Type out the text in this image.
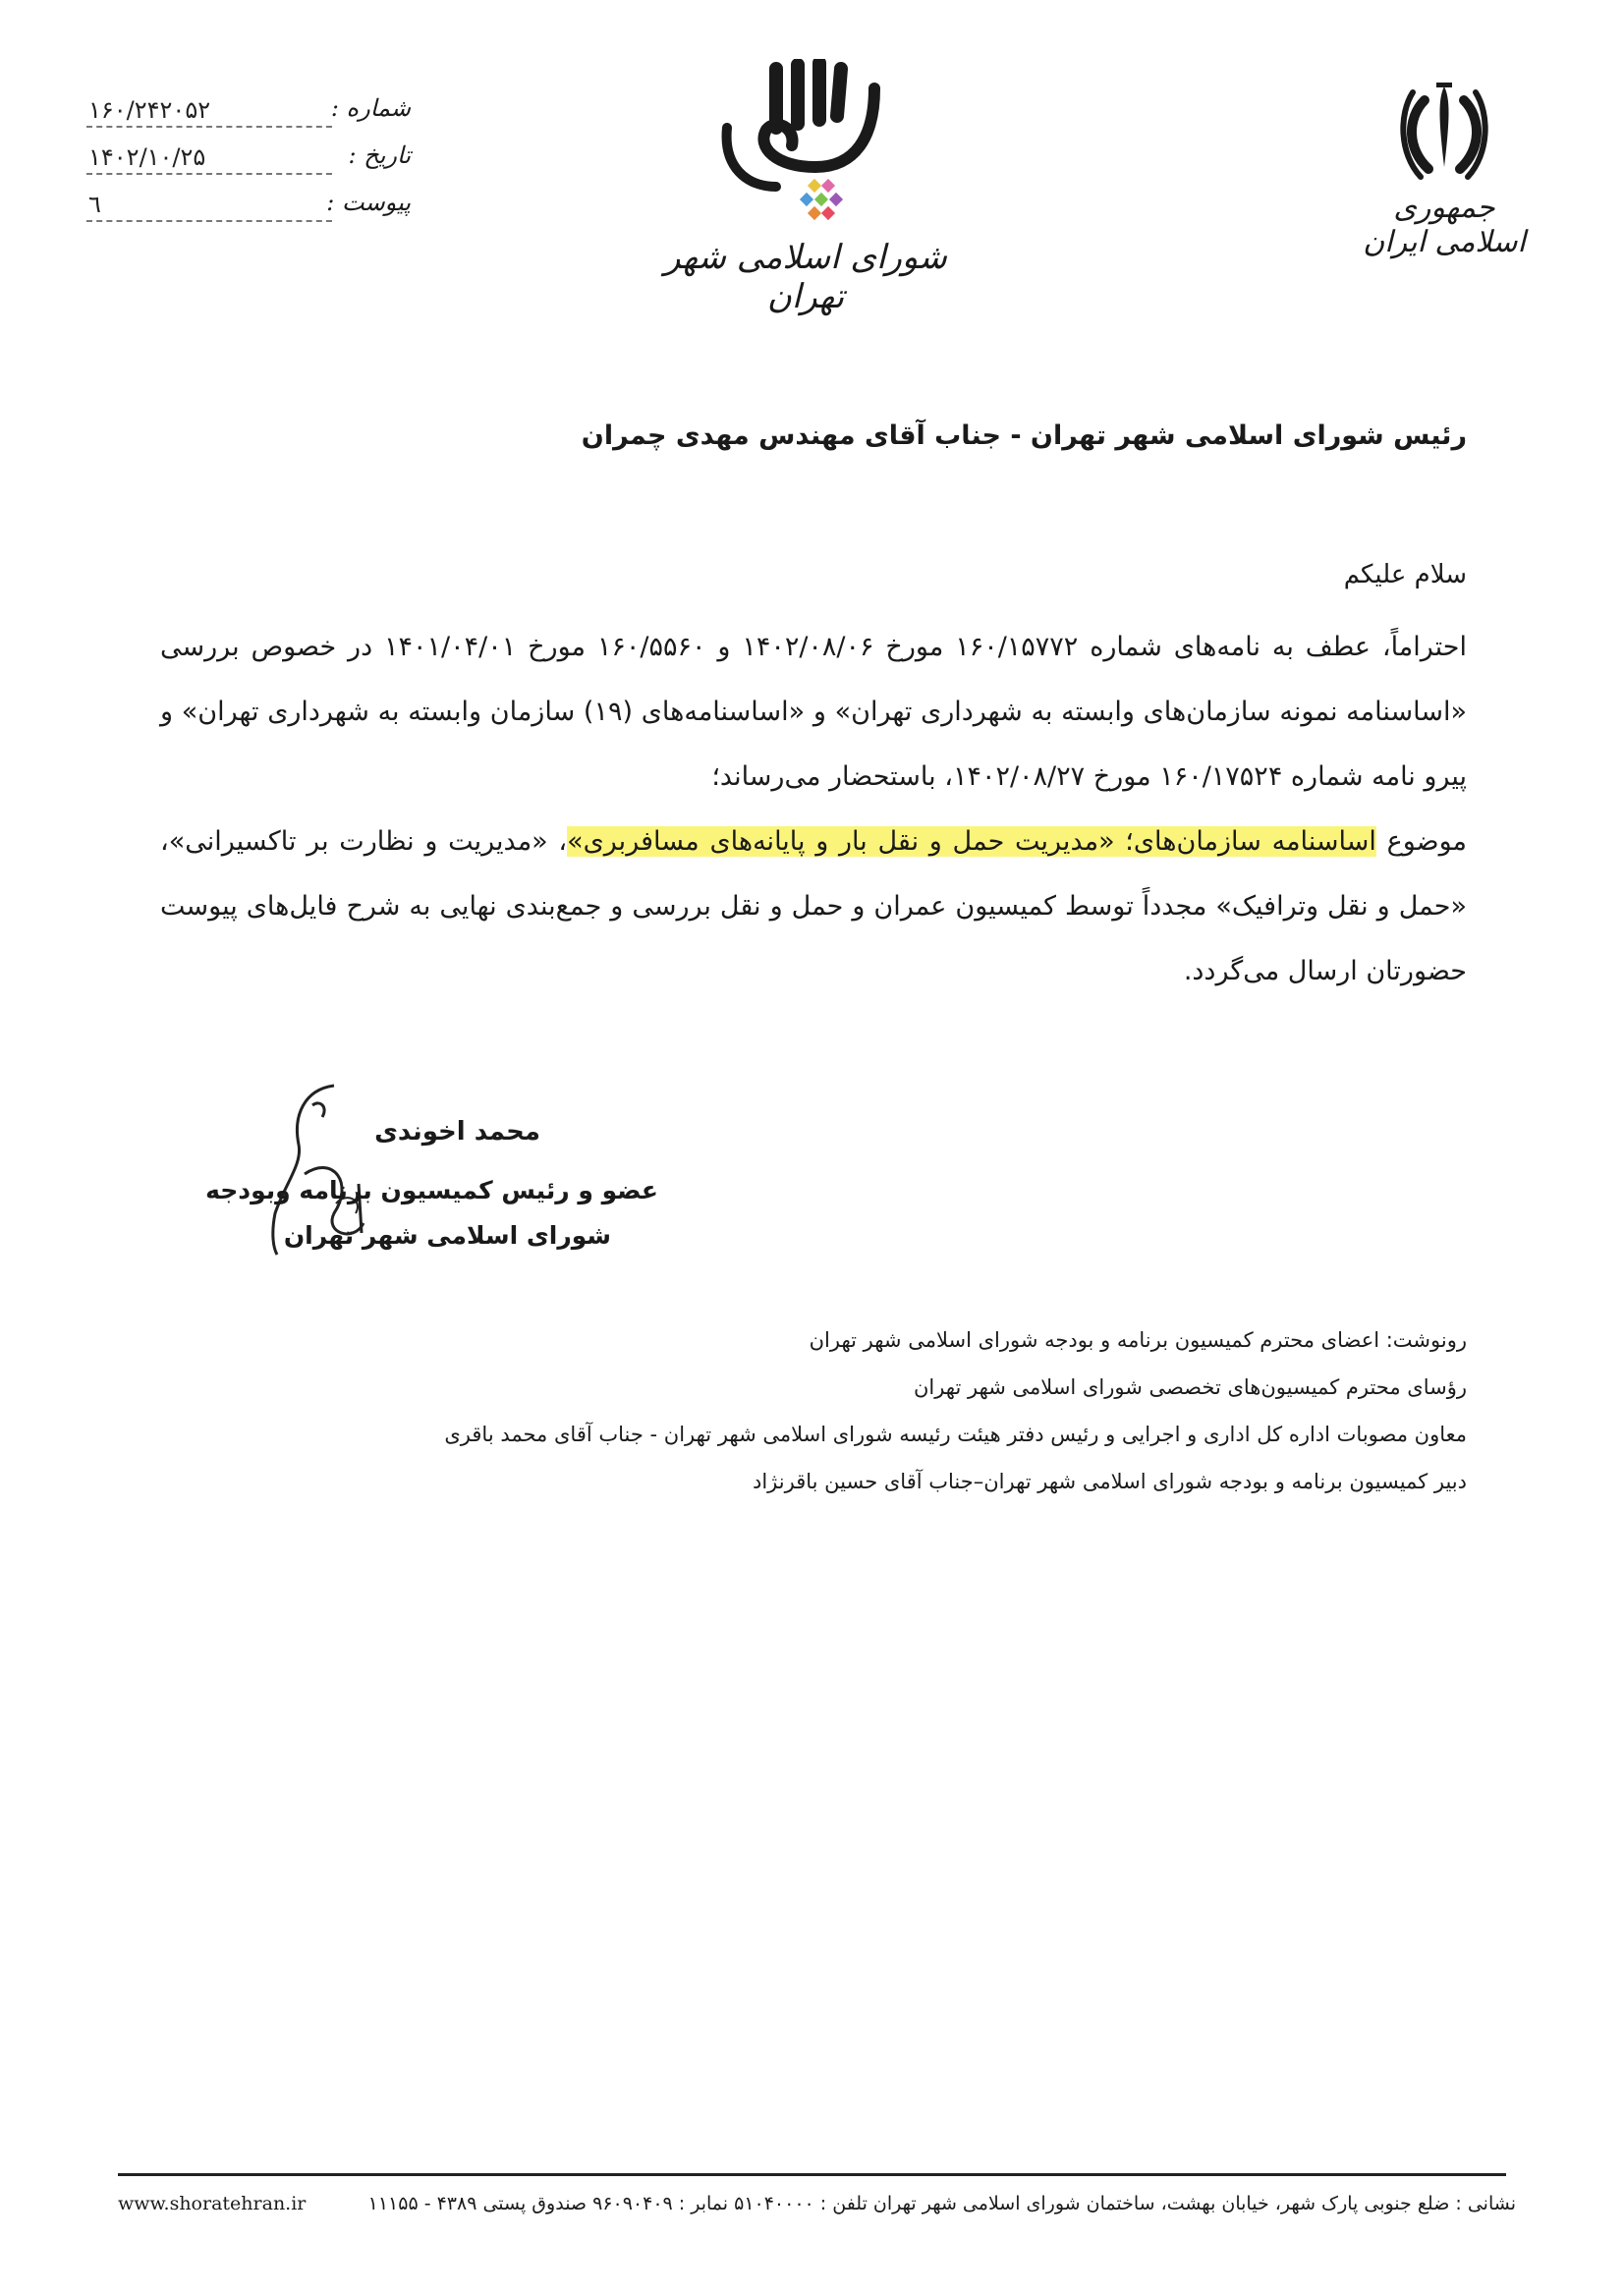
جمهوری اسلامی ایران
شورای اسلامی شهر تهران
شماره :
۱۶۰/۲۴۲۰۵۲
تاریخ :
۱۴۰۲/۱۰/۲۵
پیوست :
٦
رئیس شورای اسلامی شهر تهران - جناب آقای مهندس مهدی چمران
سلام علیکم

احتراماً، عطف به نامه‌های شماره ۱۶۰/۱۵۷۷۲ مورخ ۱۴۰۲/۰۸/۰۶ و ۱۶۰/۵۵۶۰ مورخ ۱۴۰۱/۰۴/۰۱ در خصوص بررسی «اساسنامه نمونه سازمان‌های وابسته به شهرداری تهران» و «اساسنامه‌های (۱۹) سازمان وابسته به شهرداری تهران» و پیرو نامه شماره ۱۶۰/۱۷۵۲۴ مورخ ۱۴۰۲/۰۸/۲۷، باستحضار می‌رساند؛

موضوع اساسنامه سازمان‌های؛ «مدیریت حمل و نقل بار و پایانه‌های مسافربری»، «مدیریت و نظارت بر تاکسیرانی»، «حمل و نقل وترافیک» مجدداً توسط کمیسیون عمران و حمل و نقل بررسی و جمع‌بندی نهایی به شرح فایل‌های پیوست حضورتان ارسال می‌گردد.

محمد اخوندی
عضو و رئیس کمیسیون برنامه وبودجه
شورای اسلامی شهر تهران
رونوشت: اعضای محترم کمیسیون برنامه و بودجه شورای اسلامی شهر تهران
رؤسای محترم کمیسیون‌های تخصصی شورای اسلامی شهر تهران
معاون مصوبات اداره کل اداری و اجرایی و رئیس دفتر هیئت رئیسه شورای اسلامی شهر تهران - جناب آقای محمد باقری
دبیر کمیسیون برنامه و بودجه شورای اسلامی شهر تهران–جناب آقای حسین باقرنژاد
نشانی : ضلع جنوبی پارک شهر، خیابان بهشت، ساختمان شورای اسلامی شهر تهران تلفن : ۵۱۰۴۰۰۰۰ نمابر : ۹۶۰۹۰۴۰۹ صندوق پستی ۴۳۸۹ - ۱۱۱۵۵
www.shoratehran.ir
